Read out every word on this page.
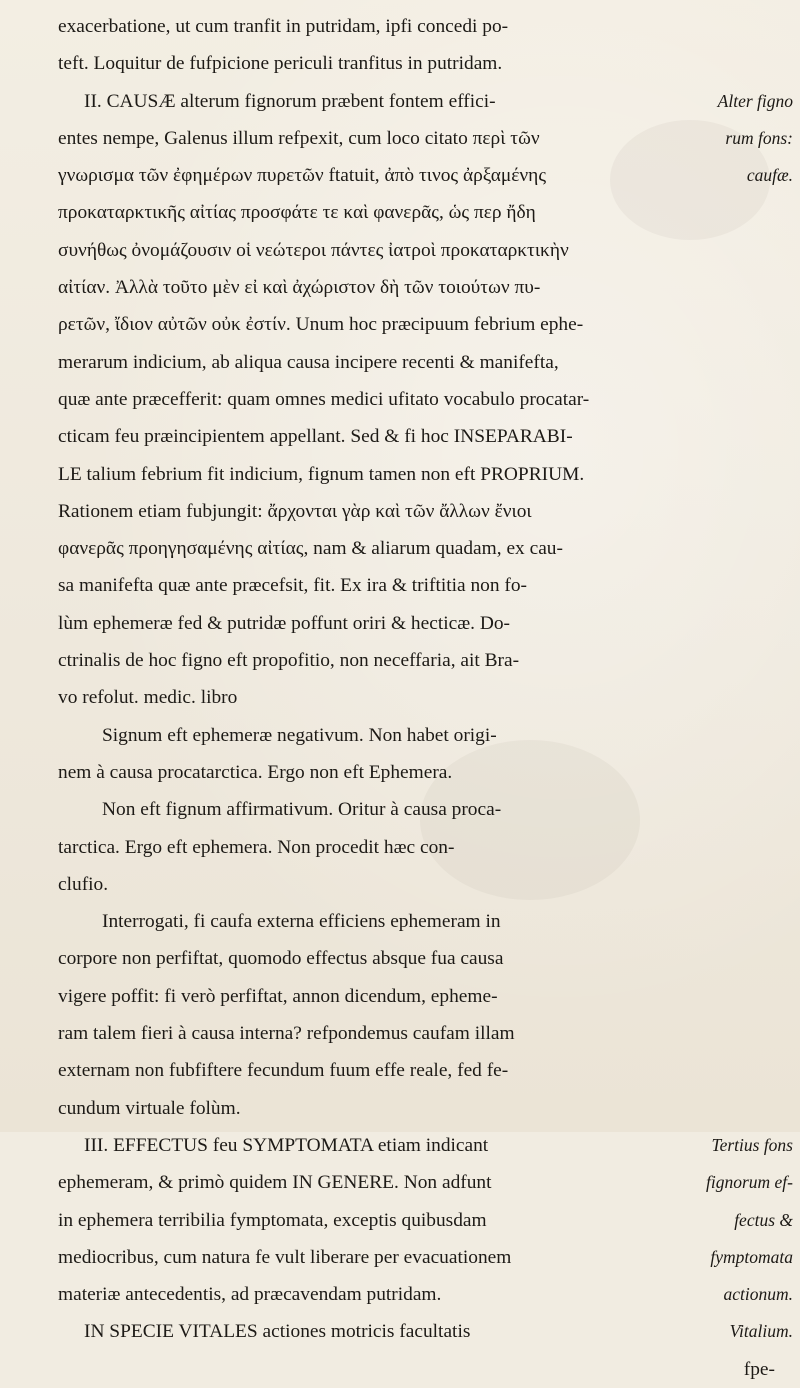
exacerbatione, ut cum tranfit in putridam, ipfi concedi po-
teft. Loquitur de fufpicione periculi tranfitus in putridam.
II. CAUSÆ alterum fignorum præbent fontem effici-	Alter figno
entes nempe, Galenus illum refpexit, cum loco citato περὶ τῶν	rum fons:
γνωρισμα τῶν ἐφημέρων πυρετῶν ftatuit, ἀπὸ τινος ἀρξαμένης	caufæ.
προκαταρκτικῆς αἰτίας προσφάτε τε καὶ φανερᾶς, ὡς περ ἤδη
συνήθως ὀνομάζουσιν οἱ νεώτεροι πάντες ἰατροὶ προκαταρκτικὴν
αἰτίαν. Ἀλλὰ τοῦτο μὲν εἰ καὶ ἀχώριστον δὴ τῶν τοιούτων πυ-
ρετῶν, ἴδιον αὐτῶν οὐκ ἐστίν. Unum hoc præcipuum febrium ephe-
merarum indicium, ab aliqua causa incipere recenti & manifefta,
quæ ante præcefferit: quam omnes medici ufitato vocabulo procatar-
cticam feu præincipientem appellant. Sed & fi hoc INSEPARABI-
LE talium febrium fit indicium, fignum tamen non eft PROPRIUM.
Rationem etiam fubjungit: ἄρχονται γὰρ καὶ τῶν ἄλλων ἔνιοι
φανερᾶς προηγησαμένης αἰτίας, nam & aliarum quadam, ex cau-
sa manifefta quæ ante præcefsit, fit. Ex ira & triftitia non fo-
lùm ephemeræ fed & putridæ poffunt oriri & hecticæ. Do-
ctrinalis de hoc figno eft propofitio, non neceffaria, ait Bra-
vo refolut. medic. libro
Signum eft ephemeræ negativum. Non habet origi-
nem à causa procatarctica. Ergo non eft Ephemera.
Non eft fignum affirmativum. Oritur à causa proca-
tarctica. Ergo eft ephemera. Non procedit hæc con-
clufio.
Interrogati, fi caufa externa efficiens ephemeram in
corpore non perfiftat, quomodo effectus absque fua causa
vigere poffit: fi verò perfiftat, annon dicendum, epheme-
ram talem fieri à causa interna? refpondemus caufam illam
externam non fubfiftere fecundum fuum effe reale, fed fe-
cundum virtuale folùm.
III. EFFECTUS feu SYMPTOMATA etiam indicant	Tertius fons
ephemeram, & primò quidem IN GENERE. Non adfunt	fignorum ef-
in ephemera terribilia fymptomata, exceptis quibusdam	fectus &
mediocribus, cum natura fe vult liberare per evacuationem	fymptomata
materiæ antecedentis, ad præcavendam putridam.	actionum.
IN SPECIE VITALES actiones motricis facultatis	Vitalium.
fpe-
